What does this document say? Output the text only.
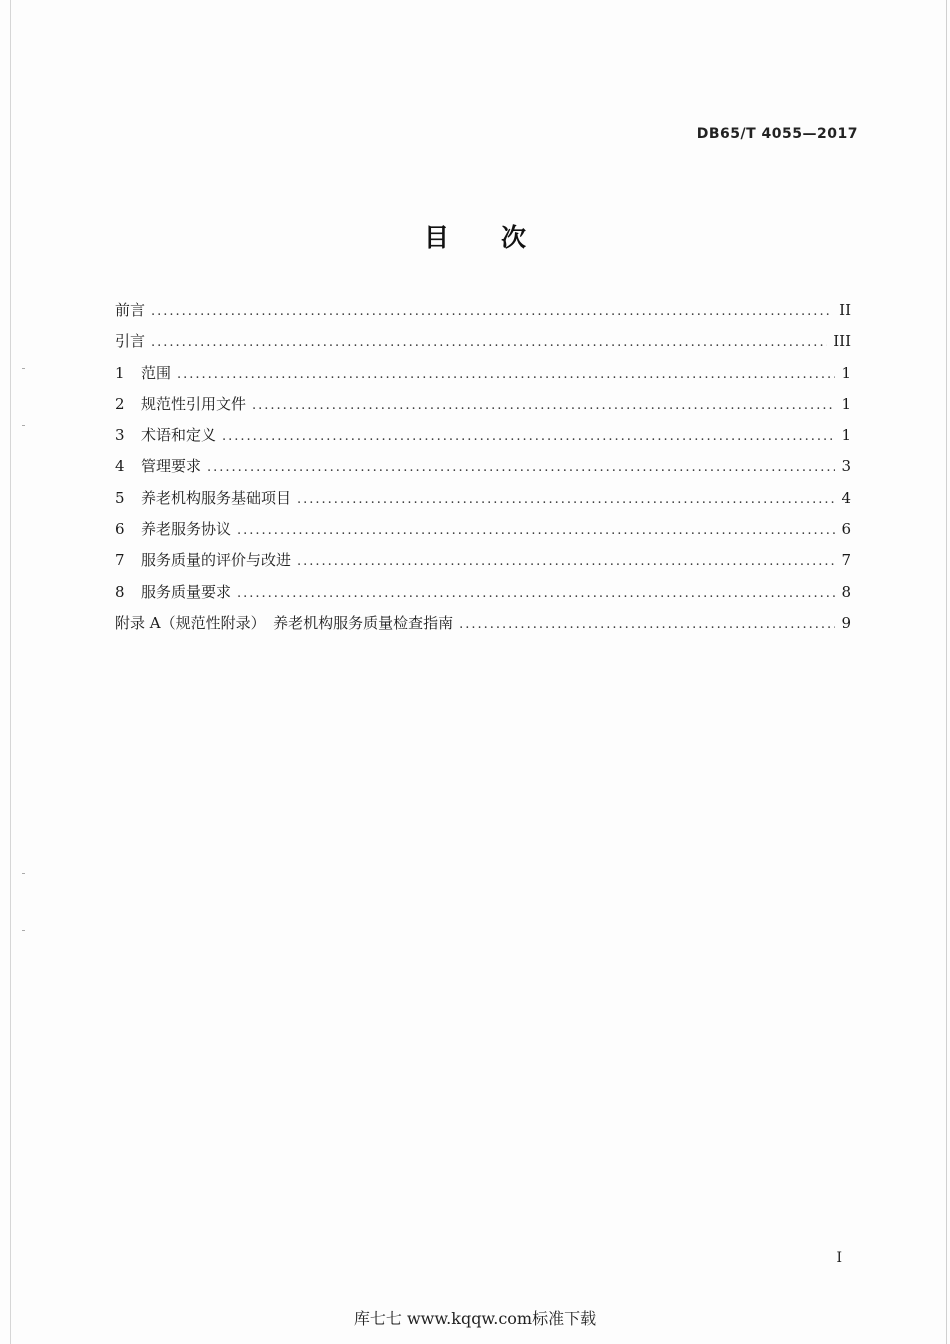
DB65/T 4055—2017
目次
前言 .....	II
引言 .....	III
1	范围 .....	1
2	规范性引用文件 .....	1
3	术语和定义 .....	1
4	管理要求 .....	3
5	养老机构服务基础项目 .....	4
6	养老服务协议 .....	6
7	服务质量的评价与改进 .....	7
8	服务质量要求 .....	8
附录 A（规范性附录）　养老机构服务质量检查指南 .....	9
I
库七七 www.kqqw.com标准下载
